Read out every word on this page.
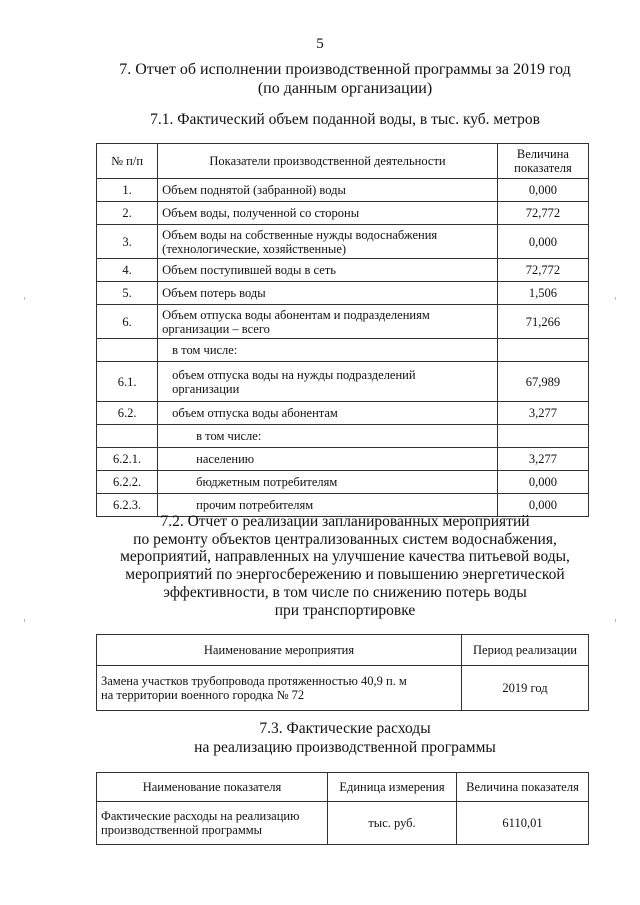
5
7. Отчет об исполнении производственной программы за 2019 год
(по данным организации)
7.1. Фактический объем поданной воды, в тыс. куб. метров
№ п/п	Показатели производственной деятельности	Величина
показателя

1.	Объем поднятой (забранной) воды	0,000
2.	Объем воды, полученной со стороны	72,772
3.	Объем воды на собственные нужды водоснабжения
(технологические, хозяйственные)	0,000
4.	Объем поступившей воды в сеть	72,772
5.	Объем потерь воды	1,506
6.	Объем отпуска воды абонентам и подразделениям
организации – всего	71,266
	в том числе:	
6.1.	объем отпуска воды на нужды подразделений
организации	67,989
6.2.	объем отпуска воды абонентам	3,277
	в том числе:	
6.2.1.	населению	3,277
6.2.2.	бюджетным потребителям	0,000
6.2.3.	прочим потребителям	0,000
7.2. Отчет о реализации запланированных мероприятий
по ремонту объектов централизованных систем водоснабжения,
мероприятий, направленных на улучшение качества питьевой воды,
мероприятий по энергосбережению и повышению энергетической
эффективности, в том числе по снижению потерь воды
при транспортировке
Наименование мероприятия	Период реализации

Замена участков трубопровода протяженностью 40,9 п. м
на территории военного городка № 72	2019 год
7.3. Фактические расходы
на реализацию производственной программы
Наименование показателя	Единица измерения	Величина показателя

Фактические расходы на реализацию
производственной программы	тыс. руб.	6110,01
